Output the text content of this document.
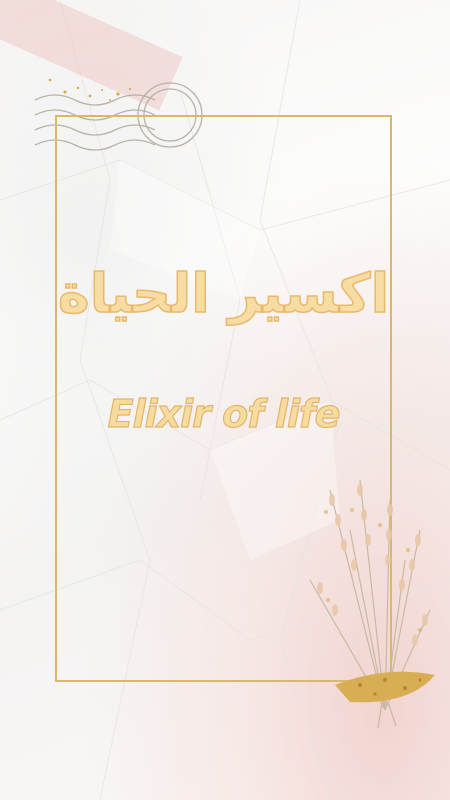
اكسير الحياة
Elixir of life
